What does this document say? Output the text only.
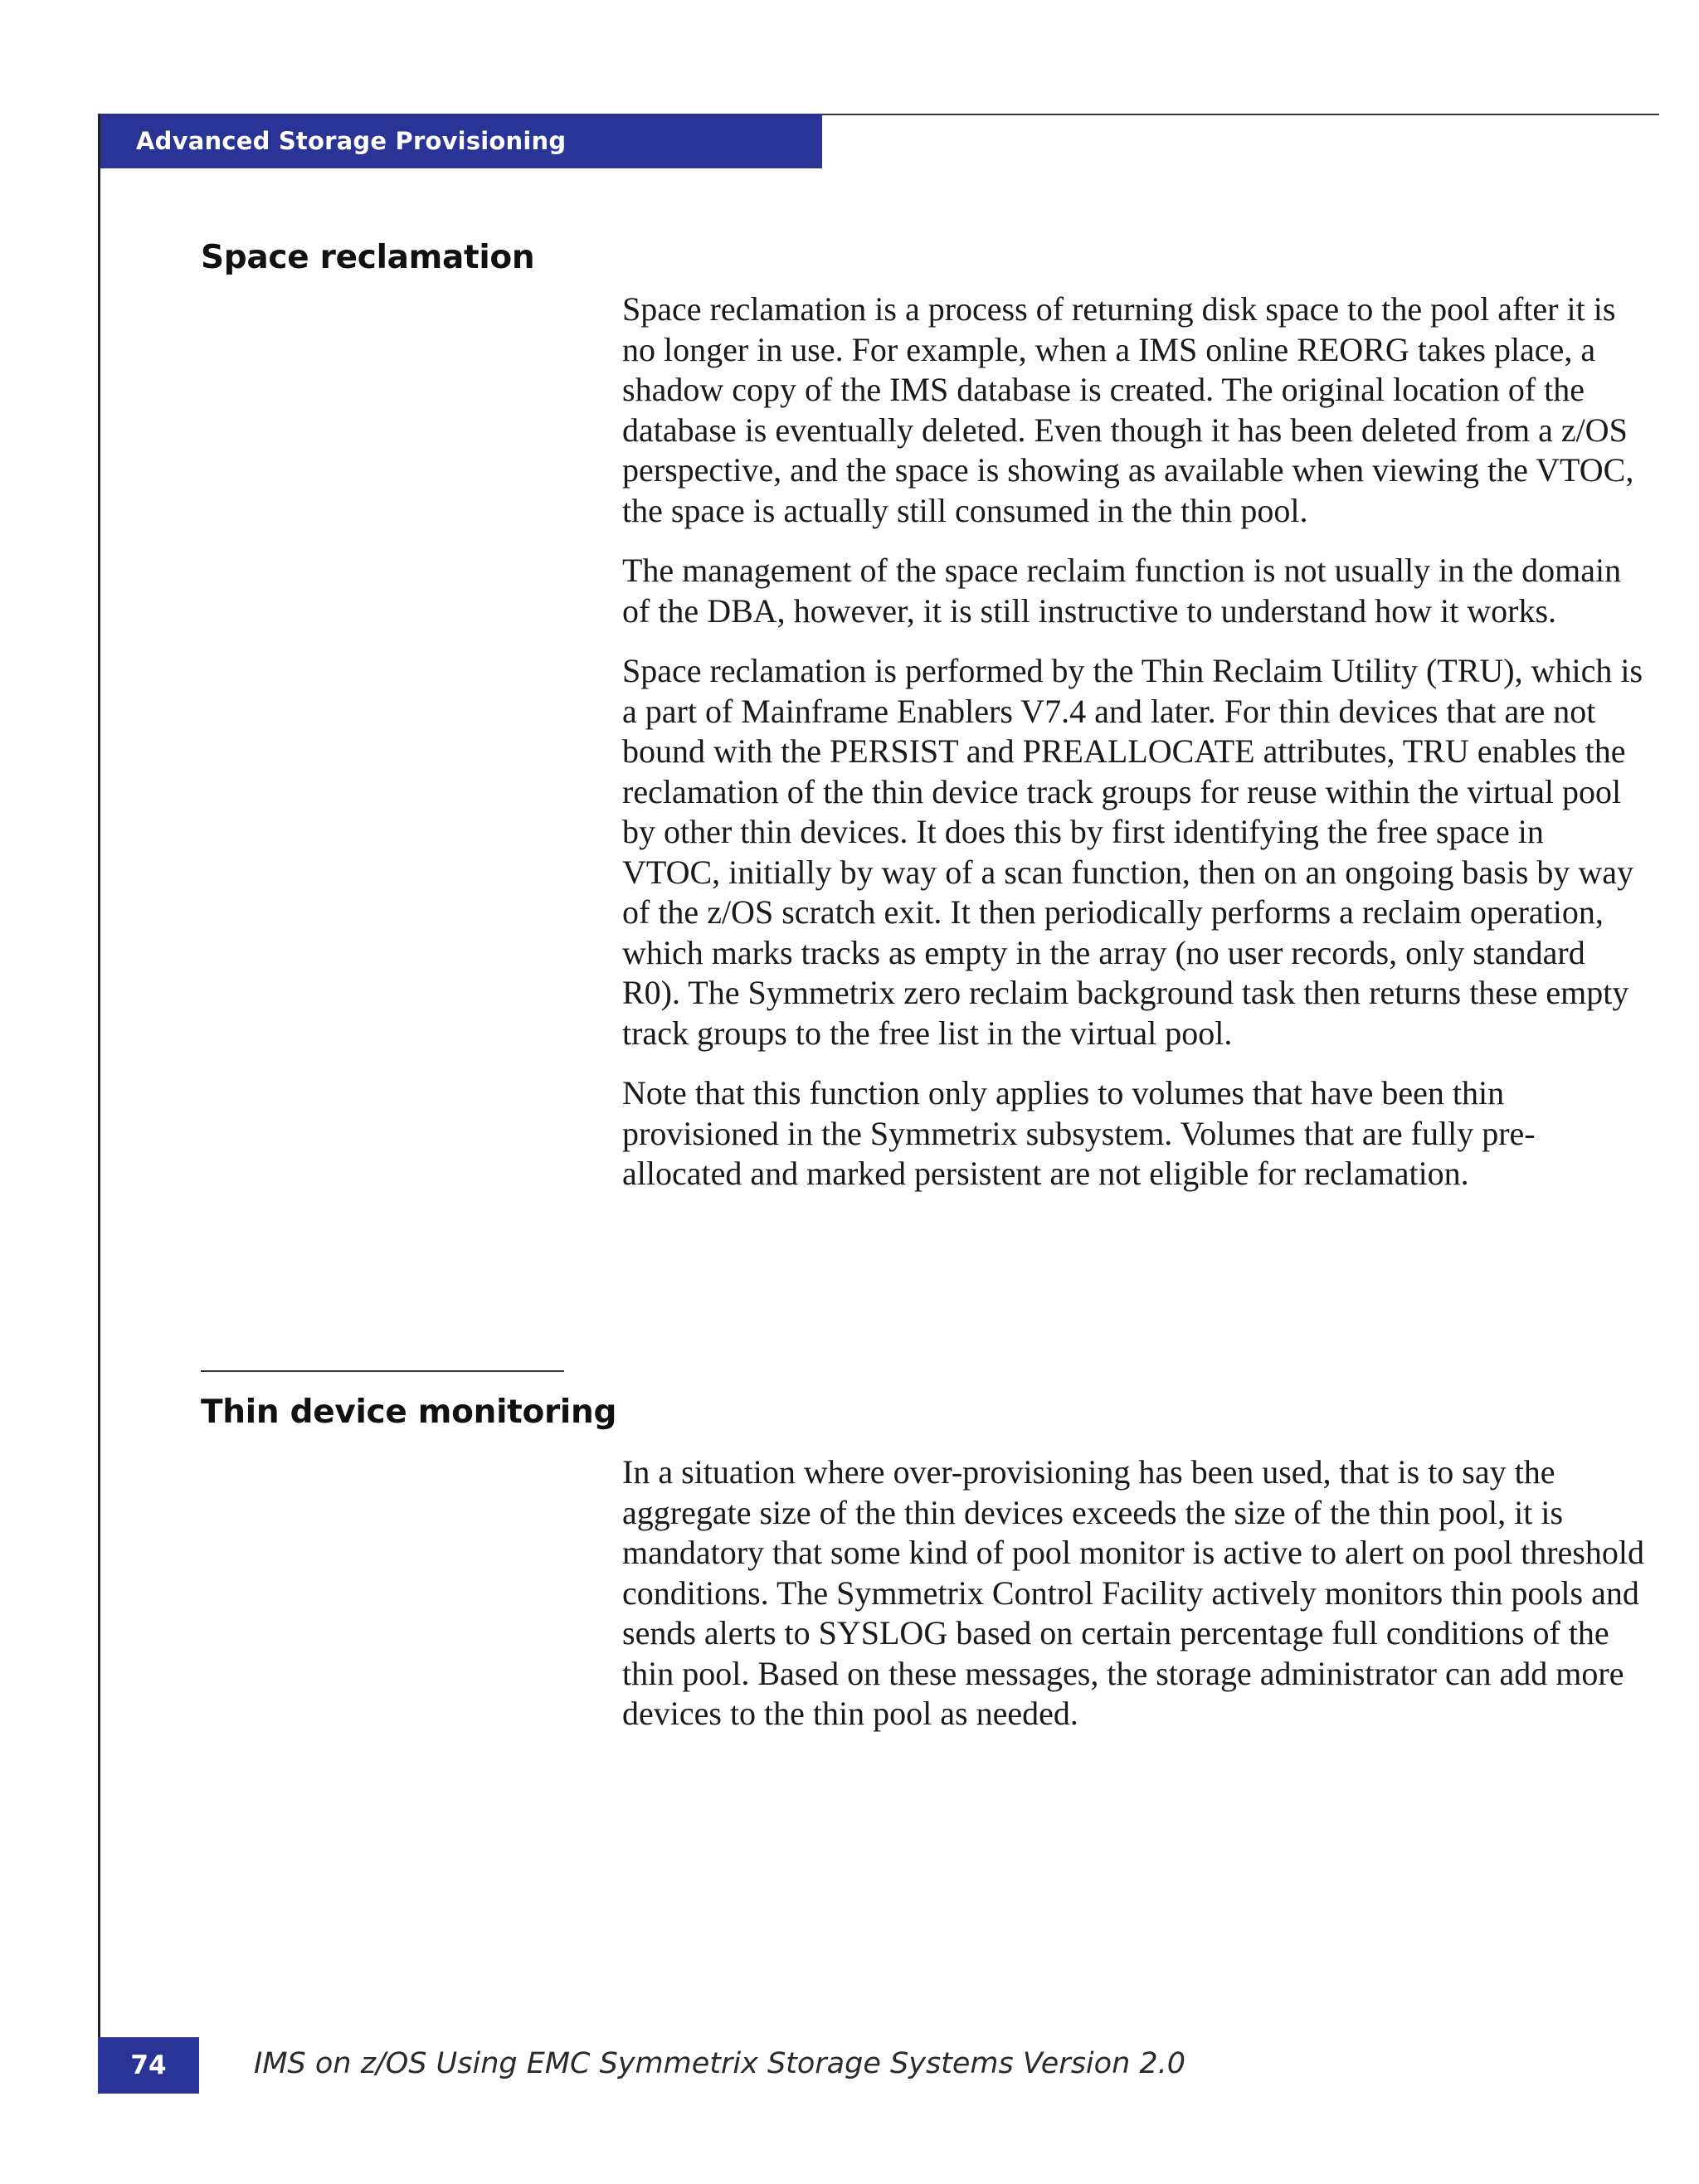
Advanced Storage Provisioning
Space reclamation

Space reclamation is a process of returning disk space to the pool after it is no longer in use. For example, when a IMS online REORG takes place, a shadow copy of the IMS database is created. The original location of the database is eventually deleted. Even though it has been deleted from a z/OS perspective, and the space is showing as available when viewing the VTOC, the space is actually still consumed in the thin pool.

The management of the space reclaim function is not usually in the domain of the DBA, however, it is still instructive to understand how it works.

Space reclamation is performed by the Thin Reclaim Utility (TRU), which is a part of Mainframe Enablers V7.4 and later. For thin devices that are not bound with the PERSIST and PREALLOCATE attributes, TRU enables the reclamation of the thin device track groups for reuse within the virtual pool by other thin devices. It does this by first identifying the free space in VTOC, initially by way of a scan function, then on an ongoing basis by way of the z/OS scratch exit. It then periodically performs a reclaim operation, which marks tracks as empty in the array (no user records, only standard R0). The Symmetrix zero reclaim background task then returns these empty track groups to the free list in the virtual pool.

Note that this function only applies to volumes that have been thin provisioned in the Symmetrix subsystem. Volumes that are fully pre-allocated and marked persistent are not eligible for reclamation.

Thin device monitoring

In a situation where over-provisioning has been used, that is to say the aggregate size of the thin devices exceeds the size of the thin pool, it is mandatory that some kind of pool monitor is active to alert on pool threshold conditions. The Symmetrix Control Facility actively monitors thin pools and sends alerts to SYSLOG based on certain percentage full conditions of the thin pool. Based on these messages, the storage administrator can add more devices to the thin pool as needed.

74	IMS on z/OS Using EMC Symmetrix Storage Systems Version 2.0
